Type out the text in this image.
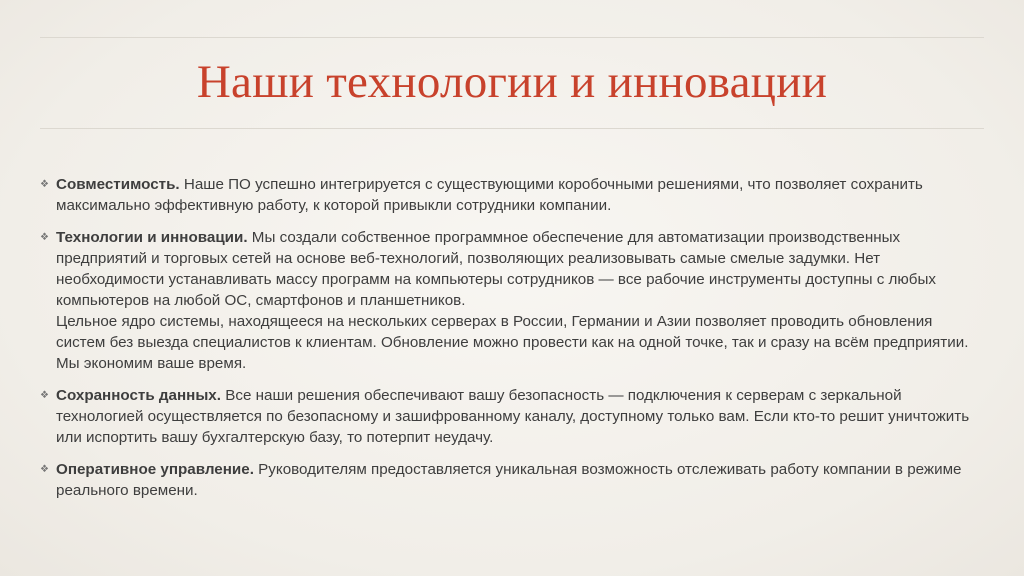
Наши технологии и инновации
❖ Совместимость. Наше ПО успешно интегрируется с существующими коробочными решениями, что позволяет сохранить максимально эффективную работу, к которой привыкли сотрудники компании.
❖ Технологии и инновации. Мы создали собственное программное обеспечение для автоматизации производственных предприятий и торговых сетей на основе веб-технологий, позволяющих реализовывать самые смелые задумки. Нет необходимости устанавливать массу программ на компьютеры сотрудников — все рабочие инструменты доступны с любых компьютеров на любой ОС, смартфонов и планшетников.
Цельное ядро системы, находящееся на нескольких серверах в России, Германии и Азии позволяет проводить обновления систем без выезда специалистов к клиентам. Обновление можно провести как на одной точке, так и сразу на всём предприятии. Мы экономим ваше время.
❖ Сохранность данных. Все наши решения обеспечивают вашу безопасность — подключения к серверам с зеркальной технологией осуществляется по безопасному и зашифрованному каналу, доступному только вам. Если кто-то решит уничтожить или испортить вашу бухгалтерскую базу, то потерпит неудачу.
❖ Оперативное управление. Руководителям предоставляется уникальная возможность отслеживать работу компании в режиме реального времени.
